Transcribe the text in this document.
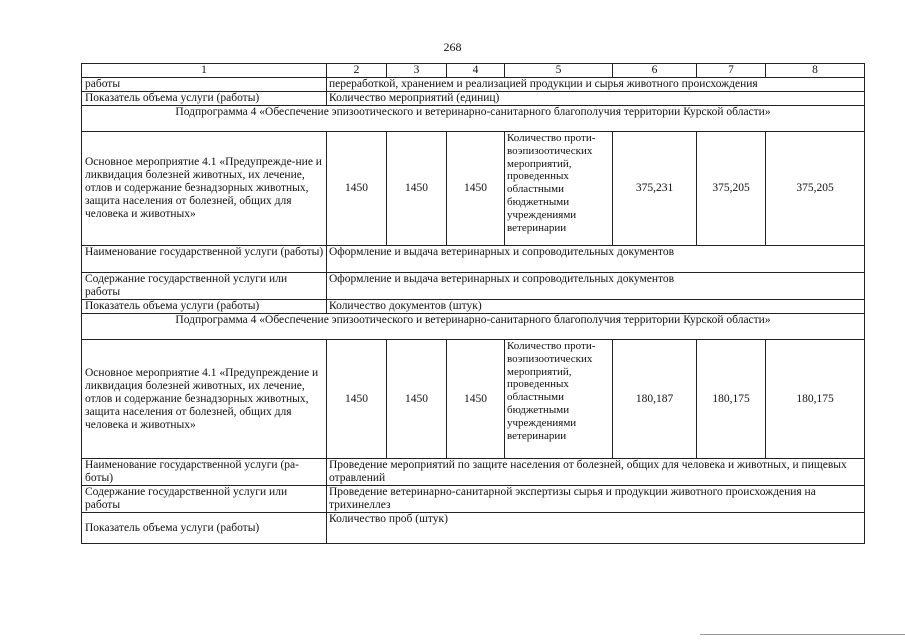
268
1	2	3	4	5	6	7	8
работы	переработкой, хранением и реализацией продукции и сырья животного происхождения						
Показатель объема услуги (работы)	Количество мероприятий (единиц)						
Подпрограмма 4 «Обеспечение эпизоотического и ветеринарно-санитарного благополучия территории Курской области»							
Основное мероприятие 4.1 «Предупрежде-ние и ликвидация болезней животных, их лечение, отлов и содержание безнадзорных животных, защита населения от болезней, общих для человека и животных»	1450	1450	1450	Количество проти-воэпизоотических мероприятий, проведенных областными бюджетными учреждениями ветеринарии	375,231	375,205	375,205
Наименование государственной услуги (работы)	Оформление и выдача ветеринарных и сопроводительных документов						
Содержание государственной услуги или работы	Оформление и выдача ветеринарных и сопроводительных документов						
Показатель объема услуги (работы)	Количество документов (штук)						
Подпрограмма 4 «Обеспечение эпизоотического и ветеринарно-санитарного благополучия территории Курской области»							
Основное мероприятие 4.1 «Предупреждение и ликвидация болезней животных, их лечение, отлов и содержание безнадзорных животных, защита населения от болезней, общих для человека и животных»	1450	1450	1450	Количество проти-воэпизоотических мероприятий, проведенных областными бюджетными учреждениями ветеринарии	180,187	180,175	180,175
Наименование государственной услуги (ра-боты)	Проведение мероприятий по защите населения от болезней, общих для человека и животных, и пищевых отравлений						
Содержание государственной услуги или работы	Проведение ветеринарно-санитарной экспертизы сырья и продукции животного происхождения на трихинеллез						
Показатель объема услуги (работы)	Количество проб (штук)						
